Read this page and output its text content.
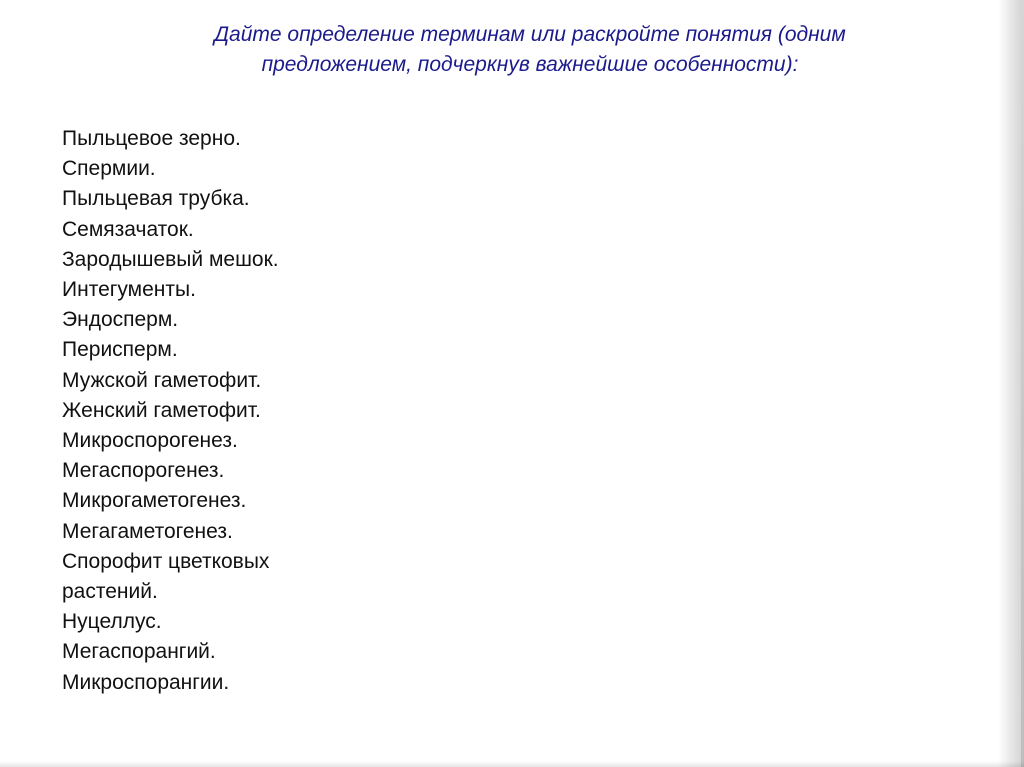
Дайте определение терминам или раскройте понятия (одним
предложением, подчеркнув важнейшие особенности):
Пыльцевое зерно.
Спермии.
Пыльцевая трубка.
Семязачаток.
Зародышевый мешок.
Интегументы.
Эндосперм.
Перисперм.
Мужской гаметофит.
Женский гаметофит.
Микроспорогенез.
Мегаспорогенез.
Микрогаметогенез.
Мегагаметогенез.
Спорофит цветковых
растений.
Нуцеллус.
Мегаспорангий.
Микроспорангии.
